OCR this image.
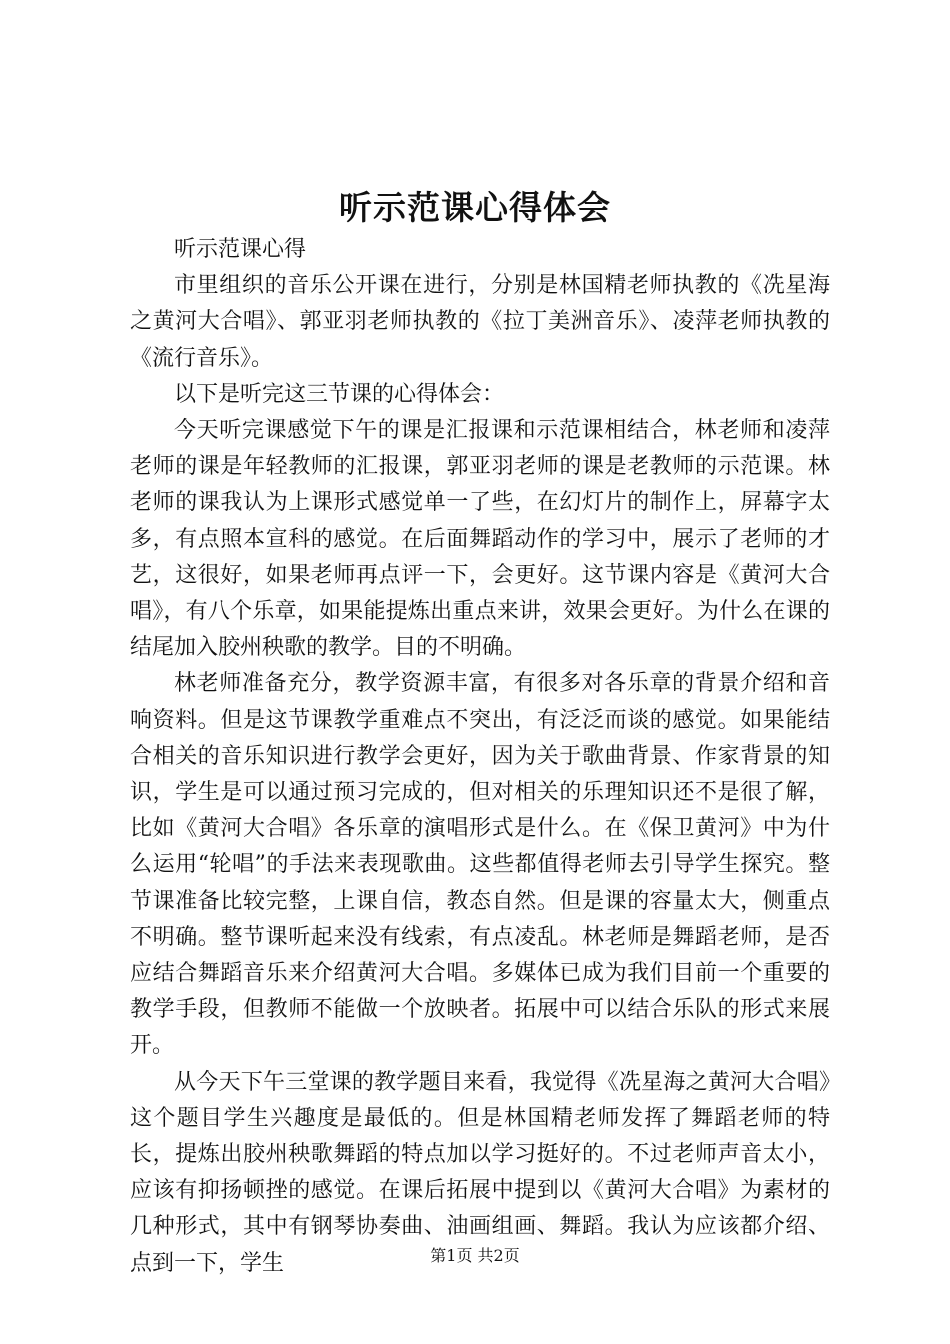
听示范课心得体会

听示范课心得

市里组织的音乐公开课在进行，分别是林国精老师执教的《冼星海之黄河大合唱》、郭亚羽老师执教的《拉丁美洲音乐》、凌萍老师执教的《流行音乐》。

以下是听完这三节课的心得体会：

今天听完课感觉下午的课是汇报课和示范课相结合，林老师和凌萍老师的课是年轻教师的汇报课，郭亚羽老师的课是老教师的示范课。林老师的课我认为上课形式感觉单一了些，在幻灯片的制作上，屏幕字太多，有点照本宣科的感觉。在后面舞蹈动作的学习中，展示了老师的才艺，这很好，如果老师再点评一下，会更好。这节课内容是《黄河大合唱》，有八个乐章，如果能提炼出重点来讲，效果会更好。为什么在课的结尾加入胶州秧歌的教学。目的不明确。

林老师准备充分，教学资源丰富，有很多对各乐章的背景介绍和音响资料。但是这节课教学重难点不突出，有泛泛而谈的感觉。如果能结合相关的音乐知识进行教学会更好，因为关于歌曲背景、作家背景的知识，学生是可以通过预习完成的，但对相关的乐理知识还不是很了解，比如《黄河大合唱》各乐章的演唱形式是什么。在《保卫黄河》中为什么运用“轮唱”的手法来表现歌曲。这些都值得老师去引导学生探究。整节课准备比较完整，上课自信，教态自然。但是课的容量太大，侧重点不明确。整节课听起来没有线索，有点凌乱。林老师是舞蹈老师，是否应结合舞蹈音乐来介绍黄河大合唱。多媒体已成为我们目前一个重要的教学手段，但教师不能做一个放映者。拓展中可以结合乐队的形式来展开。

从今天下午三堂课的教学题目来看，我觉得《冼星海之黄河大合唱》这个题目学生兴趣度是最低的。但是林国精老师发挥了舞蹈老师的特长，提炼出胶州秧歌舞蹈的特点加以学习挺好的。不过老师声音太小，应该有抑扬顿挫的感觉。在课后拓展中提到以《黄河大合唱》为素材的几种形式，其中有钢琴协奏曲、油画组画、舞蹈。我认为应该都介绍、点到一下，学生	第1页 共2页
